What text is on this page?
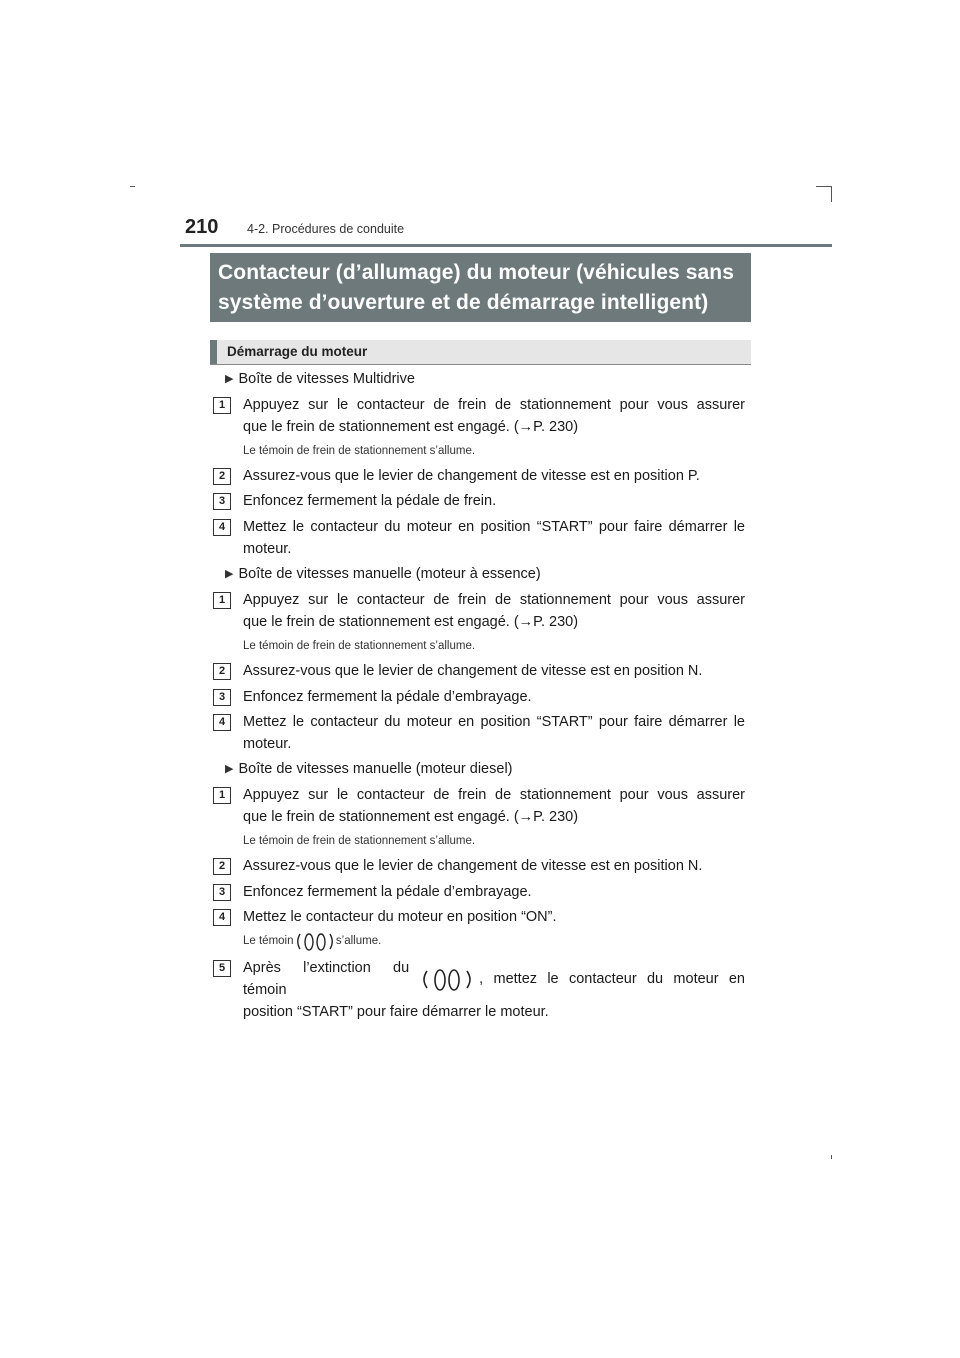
210 4-2. Procédures de conduite
Contacteur (d’allumage) du moteur (véhicules sans
système d’ouverture et de démarrage intelligent)
Démarrage du moteur
▶ Boîte de vitesses Multidrive
1	Appuyez sur le contacteur de frein de stationnement pour vous assurer
que le frein de stationnement est engagé. (→P. 230)
Le témoin de frein de stationnement s’allume.
2	Assurez-vous que le levier de changement de vitesse est en position P.
3	Enfoncez fermement la pédale de frein.
4	Mettez le contacteur du moteur en position “START” pour faire démarrer le
moteur.
▶ Boîte de vitesses manuelle (moteur à essence)
1	Appuyez sur le contacteur de frein de stationnement pour vous assurer
que le frein de stationnement est engagé. (→P. 230)
Le témoin de frein de stationnement s’allume.
2	Assurez-vous que le levier de changement de vitesse est en position N.
3	Enfoncez fermement la pédale d’embrayage.
4	Mettez le contacteur du moteur en position “START” pour faire démarrer le
moteur.
▶ Boîte de vitesses manuelle (moteur diesel)
1	Appuyez sur le contacteur de frein de stationnement pour vous assurer
que le frein de stationnement est engagé. (→P. 230)
Le témoin de frein de stationnement s’allume.
2	Assurez-vous que le levier de changement de vitesse est en position N.
3	Enfoncez fermement la pédale d’embrayage.
4	Mettez le contacteur du moteur en position “ON”.
Le témoin	s’allume.
5	Après l’extinction du témoin
, mettez le contacteur du moteur en
position “START” pour faire démarrer le moteur.
